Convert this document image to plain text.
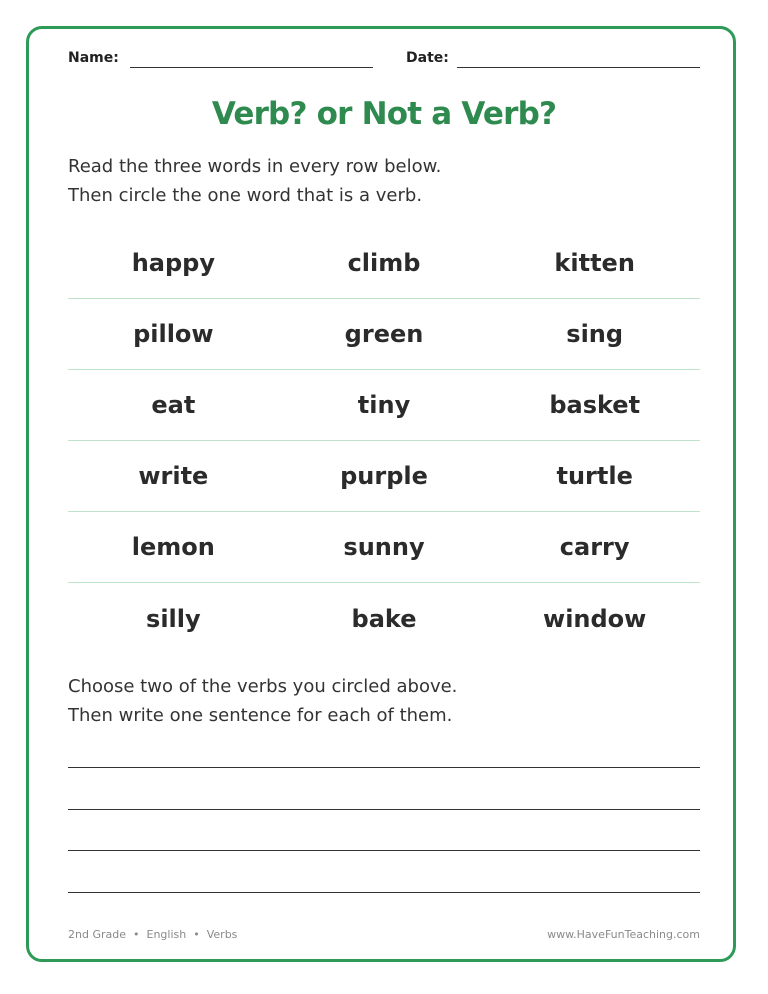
Name:	Date:
Verb? or Not a Verb?

Read the three words in every row below.

Then circle the one word that is a verb.

happy	climb	kitten
pillow	green	sing
eat	tiny	basket
write	purple	turtle
lemon	sunny	carry
silly	bake	window

Choose two of the verbs you circled above.

Then write one sentence for each of them.

2nd Grade • English • Verbs	www.HaveFunTeaching.com
